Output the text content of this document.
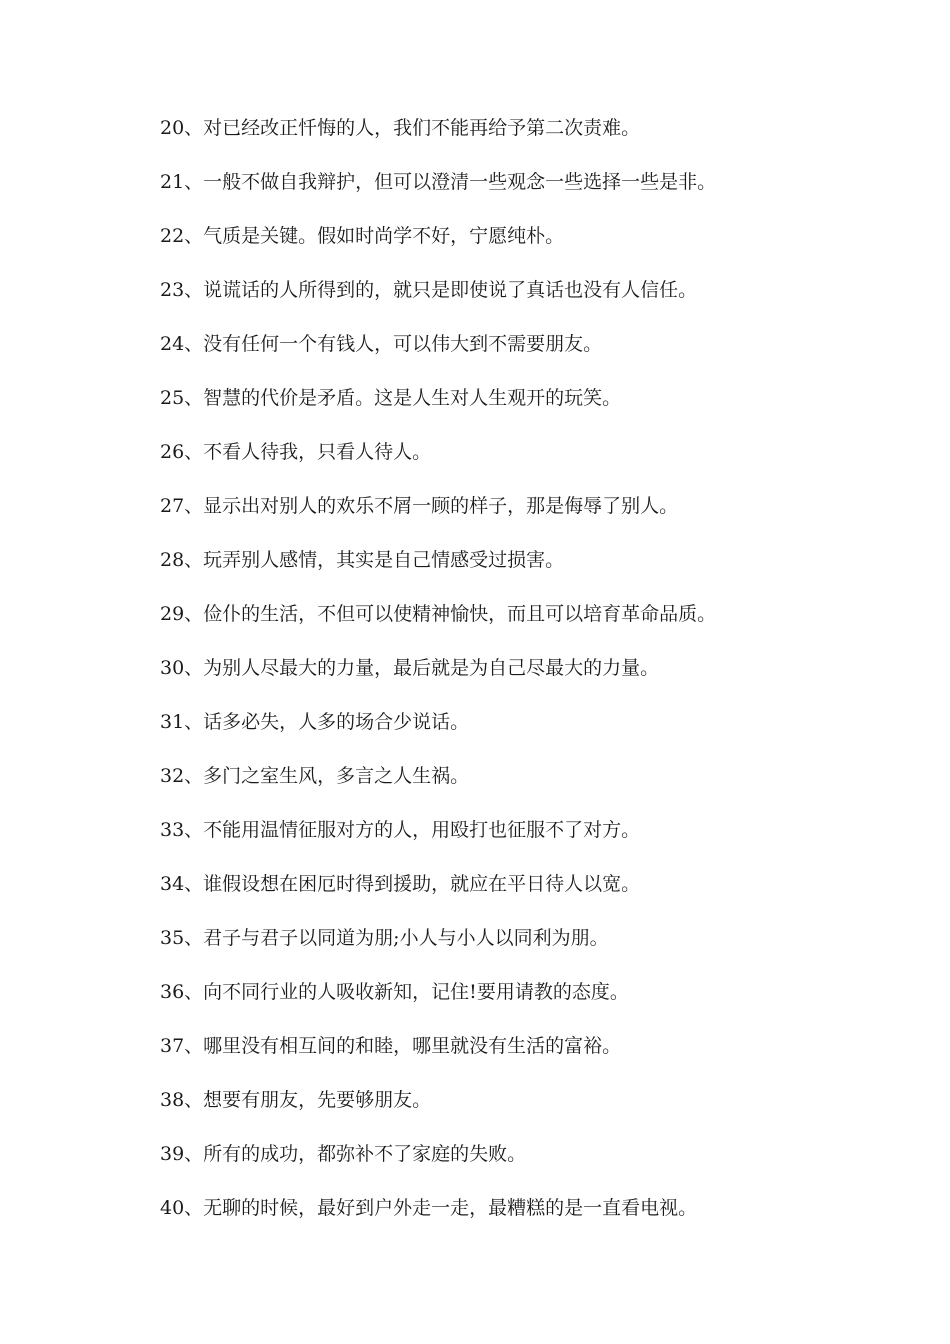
20、对已经改正忏悔的人，我们不能再给予第二次责难。
21、一般不做自我辩护，但可以澄清一些观念一些选择一些是非。
22、气质是关键。假如时尚学不好，宁愿纯朴。
23、说谎话的人所得到的，就只是即使说了真话也没有人信任。
24、没有任何一个有钱人，可以伟大到不需要朋友。
25、智慧的代价是矛盾。这是人生对人生观开的玩笑。
26、不看人待我，只看人待人。
27、显示出对别人的欢乐不屑一顾的样子，那是侮辱了别人。
28、玩弄别人感情，其实是自己情感受过损害。
29、俭仆的生活，不但可以使精神愉快，而且可以培育革命品质。
30、为别人尽最大的力量，最后就是为自己尽最大的力量。
31、话多必失，人多的场合少说话。
32、多门之室生风，多言之人生祸。
33、不能用温情征服对方的人，用殴打也征服不了对方。
34、谁假设想在困厄时得到援助，就应在平日待人以宽。
35、君子与君子以同道为朋;小人与小人以同利为朋。
36、向不同行业的人吸收新知，记住!要用请教的态度。
37、哪里没有相互间的和睦，哪里就没有生活的富裕。
38、想要有朋友，先要够朋友。
39、所有的成功，都弥补不了家庭的失败。
40、无聊的时候，最好到户外走一走，最糟糕的是一直看电视。
